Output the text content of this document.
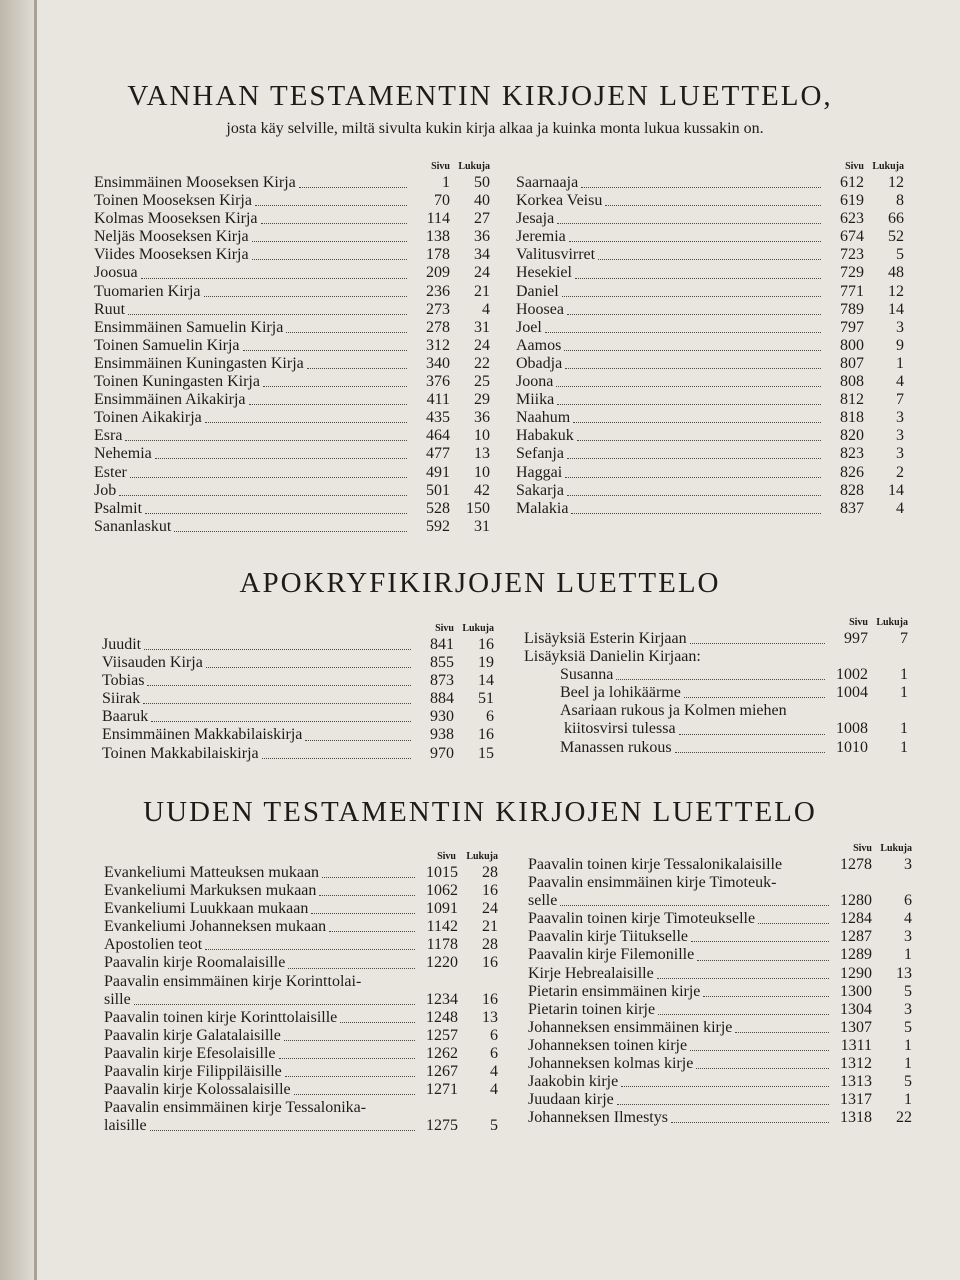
VANHAN TESTAMENTIN KIRJOJEN LUETTELO,

josta käy selville, miltä sivulta kukin kirja alkaa ja kuinka monta lukua kussakin on.

Sivu Lukuja
Ensimmäinen Mooseksen Kirja	1	50
Toinen Mooseksen Kirja	70	40
Kolmas Mooseksen Kirja	114	27
Neljäs Mooseksen Kirja	138	36
Viides Mooseksen Kirja	178	34
Joosua	209	24
Tuomarien Kirja	236	21
Ruut	273	4
Ensimmäinen Samuelin Kirja	278	31
Toinen Samuelin Kirja	312	24
Ensimmäinen Kuningasten Kirja	340	22
Toinen Kuningasten Kirja	376	25
Ensimmäinen Aikakirja	411	29
Toinen Aikakirja	435	36
Esra	464	10
Nehemia	477	13
Ester	491	10
Job	501	42
Psalmit	528	150
Sananlaskut	592	31
Sivu Lukuja
Saarnaaja	612	12
Korkea Veisu	619	8
Jesaja	623	66
Jeremia	674	52
Valitusvirret	723	5
Hesekiel	729	48
Daniel	771	12
Hoosea	789	14
Joel	797	3
Aamos	800	9
Obadja	807	1
Joona	808	4
Miika	812	7
Naahum	818	3
Habakuk	820	3
Sefanja	823	3
Haggai	826	2
Sakarja	828	14
Malakia	837	4
APOKRYFIKIRJOJEN LUETTELO
Sivu Lukuja
Juudit	841	16
Viisauden Kirja	855	19
Tobias	873	14
Siirak	884	51
Baaruk	930	6
Ensimmäinen Makkabilaiskirja	938	16
Toinen Makkabilaiskirja	970	15
Sivu Lukuja
Lisäyksiä Esterin Kirjaan	997	7
Lisäyksiä Danielin Kirjaan:
Susanna	1002	1
Beel ja lohikäärme	1004	1
Asariaan rukous ja Kolmen miehen
kiitosvirsi tulessa	1008	1
Manassen rukous	1010	1
UUDEN TESTAMENTIN KIRJOJEN LUETTELO
Sivu	Lukuja
Evankeliumi Matteuksen mukaan	1015	28
Evankeliumi Markuksen mukaan	1062	16
Evankeliumi Luukkaan mukaan	1091	24
Evankeliumi Johanneksen mukaan	1142	21
Apostolien teot	1178	28
Paavalin kirje Roomalaisille	1220	16
Paavalin ensimmäinen kirje Korinttolai-
sille	1234	16
Paavalin toinen kirje Korinttolaisille	1248	13
Paavalin kirje Galatalaisille	1257	6
Paavalin kirje Efesolaisille	1262	6
Paavalin kirje Filippiläisille	1267	4
Paavalin kirje Kolossalaisille	1271	4
Paavalin ensimmäinen kirje Tessalonika-
laisille	1275	5
Sivu Lukuja
Paavalin toinen kirje Tessalonikalaisille	1278	3
Paavalin ensimmäinen kirje Timoteuk-
selle	1280	6
Paavalin toinen kirje Timoteukselle	1284	4
Paavalin kirje Tiitukselle	1287	3
Paavalin kirje Filemonille	1289	1
Kirje Hebrealaisille	1290	13
Pietarin ensimmäinen kirje	1300	5
Pietarin toinen kirje	1304	3
Johanneksen ensimmäinen kirje	1307	5
Johanneksen toinen kirje	1311	1
Johanneksen kolmas kirje	1312	1
Jaakobin kirje	1313	5
Juudaan kirje	1317	1
Johanneksen Ilmestys	1318	22
